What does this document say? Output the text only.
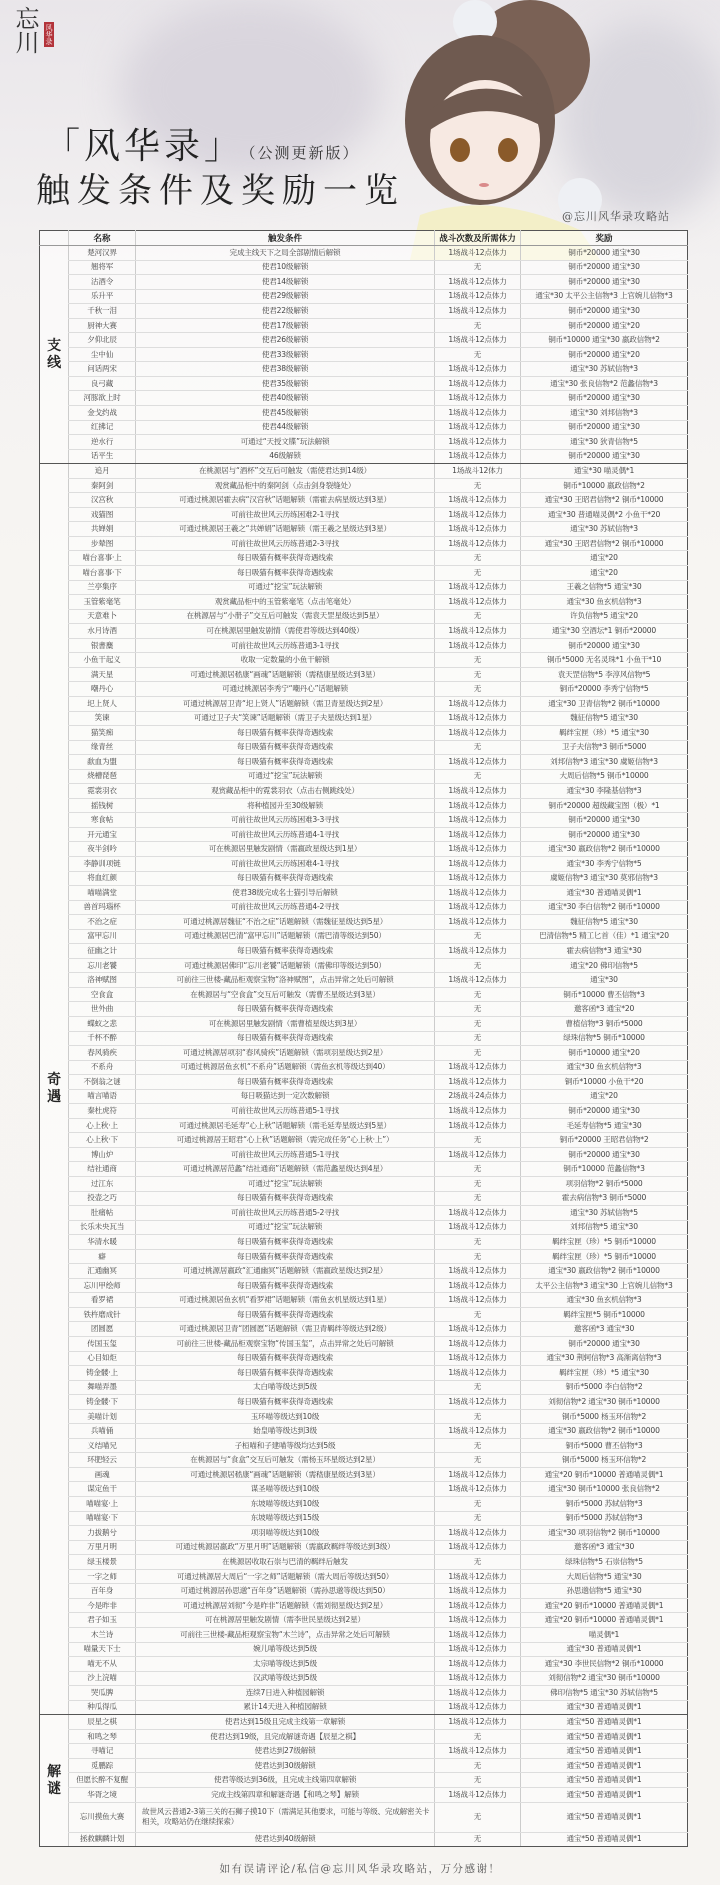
忘川 风华录
「风华录」 （公测更新版）
触发条件及奖励一览
@忘川风华录攻略站
	名称	触发条件	战斗次数及所需体力	奖励
支
线	楚河汉界	完成主线天下之局全部剧情后解锁	1场战斗12点体力	铜币*20000 通宝*30
	翘将军	使君10级解锁	无	铜币*20000 通宝*30
	沽酒令	使君14级解锁	1场战斗12点体力	铜币*20000 通宝*30
	乐升平	使君29级解锁	1场战斗12点体力	通宝*30 太平公主信物*3 上官婉儿信物*3
	千秋一泪	使君22级解锁	1场战斗12点体力	铜币*20000 通宝*30
	厨神大赛	使君17级解锁	无	铜币*20000 通宝*20
	夕仰北辰	使君26级解锁	1场战斗12点体力	铜币*10000 通宝*30 嬴政信物*2
	尘中仙	使君33级解锁	无	铜币*20000 通宝*20
	问话两宋	使君38级解锁	1场战斗12点体力	通宝*30 苏轼信物*3
	良弓藏	使君35级解锁	1场战斗12点体力	通宝*30 张良信物*2 范蠡信物*3
	河豚欲上时	使君40级解锁	1场战斗12点体力	铜币*20000 通宝*30
	金戈约战	使君45级解锁	1场战斗12点体力	通宝*30 刘邦信物*3
	红拂记	使君44级解锁	1场战斗12点体力	铜币*20000 通宝*30
	逆水行	可通过“天授文牒”玩法解锁	1场战斗12点体力	通宝*30 狄青信物*5
	话平生	46级解锁	1场战斗12点体力	铜币*20000 通宝*30
奇
遇	追月	在桃源居与“酒杯”交互后可触发（需使君达到14级）	1场战斗12体力	通宝*30 喵灵偶*1
	秦阿剑	观赏藏品柜中的秦阿剑（点击剑身裂缝处）	无	铜币*10000 嬴政信物*2
	汉宫秋	可通过桃源居霍去病“汉宫秋”话题解锁（需霍去病星级达到3星）	1场战斗12点体力	通宝*30 王昭君信物*2 铜币*10000
	戏猫图	可前往故世风云历练困难2-1寻找	1场战斗12点体力	通宝*30 普通喵灵偶*2 小鱼干*20
	共婵娟	可通过桃源居王羲之“共婵娟”话题解锁（需王羲之星级达到3星）	1场战斗12点体力	通宝*30 苏轼信物*3
	步辇图	可前往故世风云历练普通2-3寻找	1场战斗12点体力	通宝*30 王昭君信物*2 铜币*10000
	喵台喜事·上	每日吸猫有概率获得奇遇线索	无	通宝*20
	喵台喜事·下	每日吸猫有概率获得奇遇线索	无	通宝*20
	兰亭集序	可通过“挖宝”玩法解锁	1场战斗12点体力	王羲之信物*5 通宝*30
	玉管紫毫笔	观赏藏品柜中的玉管紫毫笔（点击笔毫处）	1场战斗12点体力	通宝*30 鱼玄机信物*3
	天意难卜	在桃源居与“小册子”交互后可触发（需袁天罡星级达到5星）	无	许负信物*5 通宝*20
	水月诗酒	可在桃源居里触发剧情（需使君等级达到40级）	1场战斗12点体力	通宝*30 空酒坛*1 铜币*20000
	银書麋	可前往故世风云历练普通3-1寻找	1场战斗12点体力	铜币*20000 通宝*30
	小鱼干起义	收取一定数量的小鱼干解锁	无	铜币*5000 无名灵珠*1 小鱼干*10
	满天星	可通过桃源居嵇康“画魂”话题解锁（需嵇康星级达到3星）	无	袁天罡信物*5 李淳风信物*5
	嘲丹心	可通过桃源居李秀宁“嘲丹心”话题解锁	无	铜币*20000 李秀宁信物*5
	圯上贤人	可通过桃源居卫青“圯上贤人”话题解锁（需卫青星级达到2星）	1场战斗12点体力	通宝*30 卫青信物*2 铜币*10000
	笑谏	可通过卫子夫“笑谏”话题解锁（需卫子夫星级达到1星）	1场战斗12点体力	魏征信物*5 通宝*30
	猫笑痴	每日吸猫有概率获得奇遇线索	1场战斗12点体力	羁绊宝匣（珍）*5 通宝*30
	缘青丝	每日吸猫有概率获得奇遇线索	无	卫子夫信物*3 铜币*5000
	歃血为盟	每日吸猫有概率获得奇遇线索	1场战斗12点体力	刘邦信物*3 通宝*30 虞姬信物*3
	烧槽琵琶	可通过“挖宝”玩法解锁	无	大周后信物*5 铜币*10000
	霓裳羽衣	观赏藏品柜中的霓裳羽衣（点击右侧跳线处）	1场战斗12点体力	通宝*30 李隆基信物*3
	摇钱树	将种植园升至30级解锁	1场战斗12点体力	铜币*20000 超级藏宝图（极）*1
	寒食帖	可前往故世风云历练困难3-3寻找	1场战斗12点体力	铜币*20000 通宝*30
	开元通宝	可前往故世风云历练普通4-1寻找	1场战斗12点体力	铜币*20000 通宝*30
	夜半剑吟	可在桃源居里触发剧情（需嬴政星级达到1星）	1场战斗12点体力	通宝*30 嬴政信物*2 铜币*10000
	李静训项链	可前往故世风云历练困难4-1寻找	1场战斗12点体力	通宝*30 李秀宁信物*5
	将血红颜	每日吸猫有概率获得奇遇线索	1场战斗12点体力	虞姬信物*3 通宝*30 莫邪信物*3
	喵喵满堂	使君38级完成名士猫引导后解锁	1场战斗12点体力	通宝*30 普通喵灵偶*1
	兽首玛瑙杯	可前往故世风云历练普通4-2寻找	1场战斗12点体力	通宝*30 李白信物*2 铜币*10000
	不治之症	可通过桃源居魏征“不治之症”话题解锁（需魏征星级达到5星）	1场战斗12点体力	魏征信物*5 通宝*30
	富甲忘川	可通过桃源居巴清“富甲忘川”话题解锁（需巴清等级达到50）	无	巴清信物*5 精工匕首（佳）*1 通宝*20
	征幽之计	每日吸猫有概率获得奇遇线索	1场战斗12点体力	霍去病信物*3 通宝*30
	忘川老饕	可通过桃源居佛印“忘川老饕”话题解锁（需佛印等级达到50）	无	通宝*20 佛印信物*5
	洛神赋图	可前往三世楼-藏品柜观察宝物“洛神赋图”，点击异常之处后可解锁	1场战斗12点体力	通宝*30
	空食盒	在桃源居与“空食盒”交互后可触发（需曹丕星级达到3星）	无	铜币*10000 曹丕信物*3
	世外曲	每日吸猫有概率获得奇遇线索	无	邀客函*3 通宝*20
	蝶蚁之悲	可在桃源居里触发剧情（需曹植星级达到3星）	无	曹植信物*3 铜币*5000
	千杯不醉	每日吸猫有概率获得奇遇线索	无	绿珠信物*5 铜币*10000
	春风骑疾	可通过桃源居项羽“春风骑疾”话题解锁（需项羽星级达到2星）	无	铜币*10000 通宝*20
	不系舟	可通过桃源居鱼玄机“不系舟”话题解锁（需鱼玄机等级达到40）	1场战斗12点体力	通宝*30 鱼玄机信物*3
	不倒翁之谜	每日吸猫有概率获得奇遇线索	1场战斗12点体力	铜币*10000 小鱼干*20
	喵言喵语	每日吸猫达到一定次数解锁	2场战斗24点体力	通宝*20
	秦杜虎符	可前往故世风云历练普通5-1寻找	1场战斗12点体力	铜币*20000 通宝*30
	心上秋·上	可通过桃源居毛延寿“心上秋”话题解锁（需毛延寿星级达到5星）	1场战斗12点体力	毛延寿信物*5 通宝*30
	心上秋·下	可通过桃源居王昭君“心上秋”话题解锁（需完成任务“心上秋·上”）	无	铜币*20000 王昭君信物*2
	博山炉	可前往故世风云历练普通5-1寻找	1场战斗12点体力	铜币*20000 通宝*30
	结社通商	可通过桃源居范蠡“结社通商”话题解锁（需范蠡星级达到4星）	无	铜币*10000 范蠡信物*3
	过江东	可通过“挖宝”玩法解锁	无	项羽信物*2 铜币*5000
	投壶之巧	每日吸猫有概率获得奇遇线索	无	霍去病信物*3 铜币*5000
	肚痛帖	可前往故世风云历练普通5-2寻找	1场战斗12点体力	通宝*30 苏轼信物*5
	长乐未央瓦当	可通过“挖宝”玩法解锁	1场战斗12点体力	刘邦信物*5 通宝*30
	华清水暖	每日吸猫有概率获得奇遇线索	无	羁绊宝匣（珍）*5 铜币*10000
	癖	每日吸猫有概率获得奇遇线索	无	羁绊宝匣（珍）*5 铜币*10000
	汇通幽冥	可通过桃源居嬴政“汇通幽冥”话题解锁（需嬴政星级达到2星）	1场战斗12点体力	通宝*30 嬴政信物*2 铜币*10000
	忘川甲绘师	每日吸猫有概率获得奇遇线索	1场战斗12点体力	太平公主信物*3 通宝*30 上官婉儿信物*3
	看罗裙	可通过桃源居鱼玄机“看罗裙”话题解锁（需鱼玄机星级达到1星）	1场战斗12点体力	通宝*30 鱼玄机信物*3
	铁杵磨成针	每日吸猫有概率获得奇遇线索	无	羁绊宝匣*5 铜币*10000
	团圆愿	可通过桃源居卫青“团圆愿”话题解锁（需卫青羁绊等级达到2级）	1场战斗12点体力	邀客函*3 通宝*30
	传国玉玺	可前往三世楼-藏品柜观察宝物“传国玉玺”，点击异常之处后可解锁	1场战斗12点体力	铜币*20000 通宝*30
	心目如炬	每日吸猫有概率获得奇遇线索	1场战斗12点体力	通宝*30 荆轲信物*3 高渐离信物*3
	铸金髅·上	每日吸猫有概率获得奇遇线索	1场战斗12点体力	羁绊宝匣（珍）*5 通宝*30
	舞喵弄墨	太白喵等级达到5级	无	铜币*5000 李白信物*2
	铸金髅·下	每日吸猫有概率获得奇遇线索	1场战斗12点体力	刘彻信物*2 通宝*30 铜币*10000
	美喵计划	玉环喵等级达到10级	无	铜币*5000 杨玉环信物*2
	兵喵俑	始皇喵等级达到3级	1场战斗12点体力	通宝*30 嬴政信物*2 铜币*10000
	义结喵兄	子桓喵和子建喵等级均达到5级	无	铜币*5000 曹丕信物*3
	环肥轻云	在桃源居与“食盒”交互后可触发（需杨玉环星级达到2星）	无	铜币*5000 杨玉环信物*2
	画魂	可通过桃源居嵇康“画魂”话题解锁（需嵇康星级达到3星）	1场战斗12点体力	通宝*20 铜币*10000 普通喵灵偶*1
	谋定鱼干	谋圣喵等级达到10级	1场战斗12点体力	通宝*30 铜币*10000 张良信物*2
	喵喵宴·上	东坡喵等级达到10级	无	铜币*5000 苏轼信物*3
	喵喵宴·下	东坡喵等级达到15级	无	铜币*5000 苏轼信物*3
	力拔鹅兮	项羽喵等级达到10级	1场战斗12点体力	通宝*30 项羽信物*2 铜币*10000
	万里月明	可通过桃源居嬴政“万里月明”话题解锁（需嬴政羁绊等级达到3级）	1场战斗12点体力	邀客函*3 通宝*30
	绿玉楼景	在桃源居收取石崇与巴清的羁绊后触发	无	绿珠信物*5 石崇信物*5
	一字之师	可通过桃源居大周后“一字之师”话题解锁（需大周后等级达到50）	1场战斗12点体力	大周后信物*5 通宝*30
	百年身	可通过桃源居孙思邈“百年身”话题解锁（需孙思邈等级达到50）	1场战斗12点体力	孙思邈信物*5 通宝*30
	今是昨非	可通过桃源居刘彻“今是昨非”话题解锁（需刘彻星级达到2星）	1场战斗12点体力	通宝*20 铜币*10000 普通喵灵偶*1
	君子如玉	可在桃源居里触发剧情（需李世民星级达到2星）	1场战斗12点体力	通宝*20 铜币*10000 普通喵灵偶*1
	木兰诗	可前往三世楼-藏品柜观察宝物“木兰诗”，点击异常之处后可解锁	1场战斗12点体力	喵灵偶*1
	喵量天下士	婉儿喵等级达到5级	1场战斗12点体力	通宝*30 普通喵灵偶*1
	喵无不从	太宗喵等级达到5级	1场战斗12点体力	通宝*30 李世民信物*2 铜币*10000
	沙上浣喵	汉武喵等级达到5级	1场战斗12点体力	刘彻信物*2 通宝*30 铜币*10000
	哭瓜脾	连续7日进入种植园解锁	1场战斗12点体力	佛印信物*5 通宝*30 苏轼信物*5
	种瓜得瓜	累计14天进入种植园解锁	1场战斗12点体力	通宝*30 普通喵灵偶*1
解
谜	辰星之棋	使君达到15级且完成主线第一章解锁	1场战斗12点体力	通宝*50 普通喵灵偶*1
	和鸣之琴	使君达到19级，且完成解谜奇遇【辰星之棋】	无	通宝*50 普通喵灵偶*1
	寻喵记	使君达到27级解锁	1场战斗12点体力	通宝*50 普通喵灵偶*1
	觅鹏踪	使君达到30级解锁	无	通宝*50 普通喵灵偶*1
	但愿长醉不复醒	使君等级达到36级，且完成主线第四章解锁	无	通宝*50 普通喵灵偶*1
	华胥之境	完成主线第四章和解谜奇遇【和鸣之琴】解锁	1场战斗12点体力	通宝*50 普通喵灵偶*1
	忘川摸鱼大赛	故世风云普通2-3第三关的石狮子摸10下（需满足其他要求，可能与等级、完成解密关卡相关，攻略站仍在继续探索）	无	通宝*50 普通喵灵偶*1
	拯救麒麟计划	使君达到40级解锁	无	通宝*50 普通喵灵偶*1
如有误请评论/私信@忘川风华录攻略站，万分感谢！
